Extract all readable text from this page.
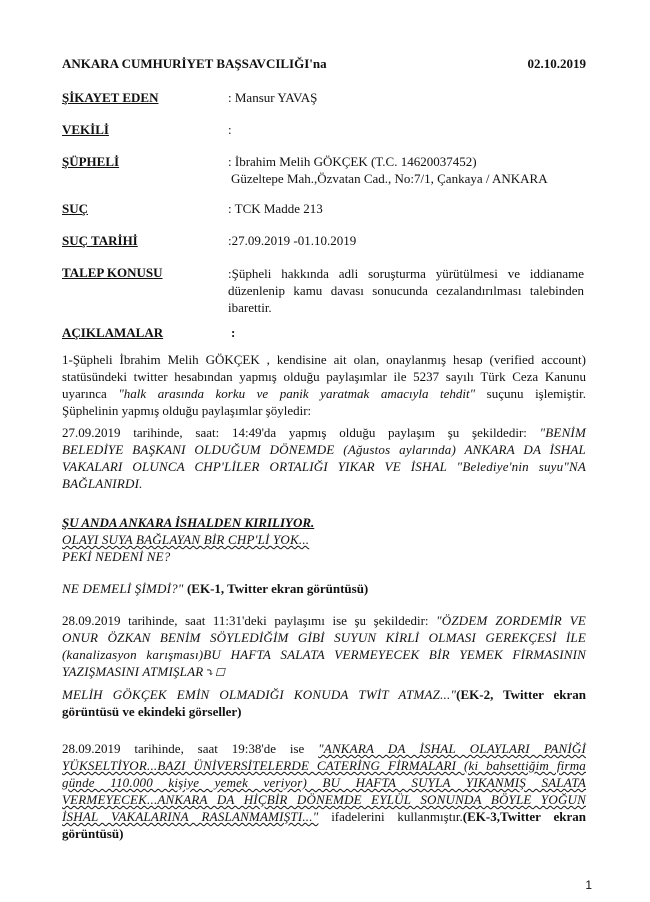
ANKARA CUMHURİYET BAŞSAVCILIĞI'na	02.10.2019
ŞİKAYET EDEN	: Mansur YAVAŞ
VEKİLİ	:
ŞÜPHELİ	: İbrahim Melih GÖKÇEK (T.C. 14620037452)
Güzeltepe Mah.,Özvatan Cad., No:7/1, Çankaya / ANKARA
SUÇ	: TCK Madde 213
SUÇ TARİHİ	:27.09.2019 -01.10.2019
TALEP KONUSU	:Şüpheli hakkında adli soruşturma yürütülmesi ve iddianame
düzenlenip kamu davası sonucunda cezalandırılması talebinden
ibarettir.
AÇIKLAMALAR	:
1-Şüpheli İbrahim Melih GÖKÇEK , kendisine ait olan, onaylanmış hesap (verified account)
statüsündeki twitter hesabından yapmış olduğu paylaşımlar ile 5237 sayılı Türk Ceza Kanunu
uyarınca "halk arasında korku ve panik yaratmak amacıyla tehdit" suçunu işlemiştir.
Şüphelinin yapmış olduğu paylaşımlar şöyledir:
27.09.2019 tarihinde, saat: 14:49'da yapmış olduğu paylaşım şu şekildedir: "BENİM
BELEDİYE BAŞKANI OLDUĞUM DÖNEMDE (Ağustos aylarında) ANKARA DA İSHAL
VAKALARI OLUNCA CHP'LİLER ORTALIĞI YIKAR VE İSHAL "Belediye'nin suyu"NA
BAĞLANIRDI.
ŞU ANDA ANKARA İSHALDEN KIRILIYOR.
OLAYI SUYA BAĞLAYAN BİR CHP'Lİ YOK...
PEKİ NEDENİ NE?
NE DEMELİ ŞİMDİ?" (EK-1, Twitter ekran görüntüsü)
28.09.2019 tarihinde, saat 11:31'deki paylaşımı ise şu şekildedir: "ÖZDEM ZORDEMİR VE
ONUR ÖZKAN BENİM SÖYLEDİĞİM GİBİ SUYUN KİRLİ OLMASI GEREKÇESİ İLE
(kanalizasyon karışması)BU HAFTA SALATA VERMEYECEK BİR YEMEK FİRMASININ
YAZIŞMASINI ATMIŞLAR ⤵☐
MELİH GÖKÇEK EMİN OLMADIĞI KONUDA TWİT ATMAZ..."(EK-2, Twitter ekran
görüntüsü ve ekindeki görseller)
28.09.2019 tarihinde, saat 19:38'de ise "ANKARA DA İSHAL OLAYLARI PANİĞİ
YÜKSELTİYOR...BAZI ÜNİVERSİTELERDE CATERİNG FİRMALARI (ki bahsettiğim firma
günde 110.000 kişiye yemek veriyor) BU HAFTA SUYLA YIKANMIŞ SALATA
VERMEYECEK...ANKARA DA HİÇBİR DÖNEMDE EYLÜL SONUNDA BÖYLE YOĞUN
İSHAL VAKALARINA RASLANMAMIŞTI..." ifadelerini kullanmıştır.(EK-3,Twitter ekran
görüntüsü)
1
